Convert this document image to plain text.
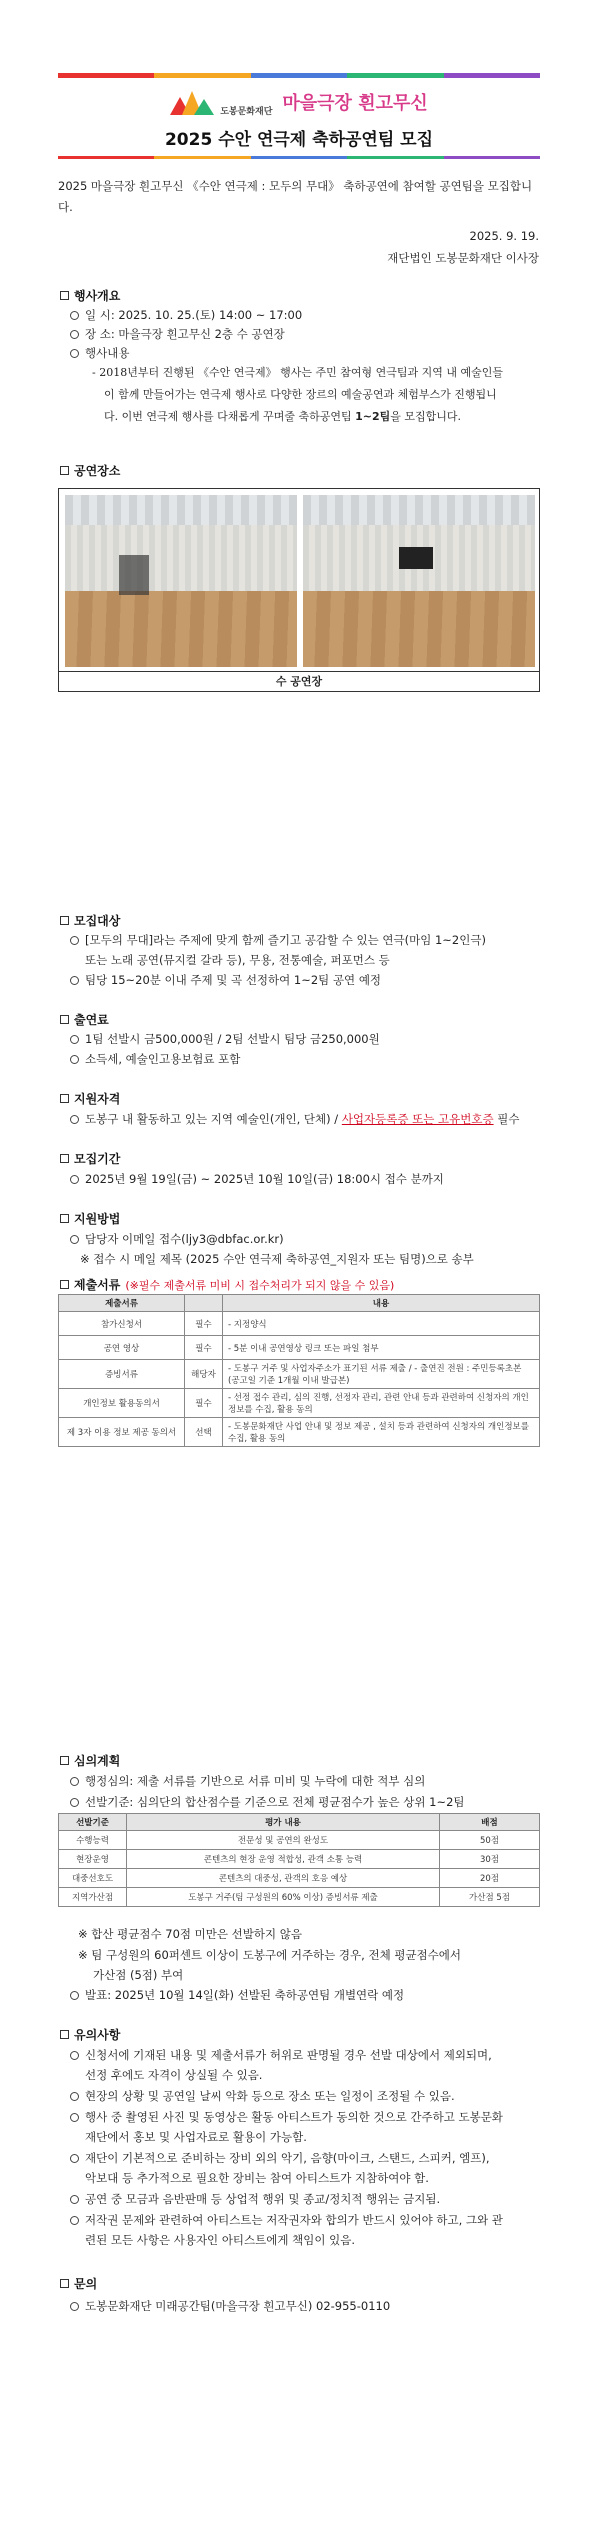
도봉문화재단 마을극장 흰고무신
2025 수안 연극제 축하공연팀 모집
2025 마을극장 흰고무신 《수안 연극제 : 모두의 무대》 축하공연에 참여할 공연팀을 모집합니다.
2025. 9. 19.
재단법인 도봉문화재단 이사장
행사개요
일 시: 2025. 10. 25.(토) 14:00 ~ 17:00
장 소: 마을극장 흰고무신 2층 수 공연장
행사내용
- 2018년부터 진행된 《수안 연극제》 행사는 주민 참여형 연극팀과 지역 내 예술인들
이 함께 만들어가는 연극제 행사로 다양한 장르의 예술공연과 체험부스가 진행됩니
다. 이번 연극제 행사를 다채롭게 꾸며줄 축하공연팀 1~2팀을 모집합니다.
공연장소
수 공연장
모집대상
[모두의 무대]라는 주제에 맞게 함께 즐기고 공감할 수 있는 연극(마임 1~2인극)
또는 노래 공연(뮤지컬 갈라 등), 무용, 전통예술, 퍼포먼스 등
팀당 15~20분 이내 주제 및 곡 선정하여 1~2팀 공연 예정
출연료
1팀 선발시 금500,000원 / 2팀 선발시 팀당 금250,000원
소득세, 예술인고용보험료 포함
지원자격
도봉구 내 활동하고 있는 지역 예술인(개인, 단체) / 사업자등록증 또는 고유번호증 필수
모집기간
2025년 9월 19일(금) ~ 2025년 10월 10일(금) 18:00시 접수 분까지
지원방법
담당자 이메일 접수(ljy3@dbfac.or.kr)
※ 접수 시 메일 제목 (2025 수안 연극제 축하공연_지원자 또는 팀명)으로 송부
제출서류 (※필수 제출서류 미비 시 접수처리가 되지 않을 수 있음)
제출서류		내용
참가신청서	필수	- 지정양식
공연 영상	필수	- 5분 이내 공연영상 링크 또는 파일 첨부
증빙서류	해당자	- 도봉구 거주 및 사업자주소가 표기된 서류 제출 / - 출연진 전원 : 주민등록초본 (공고일 기준 1개월 이내 발급본)
개인정보 활용동의서	필수	- 선정 접수 관리, 심의 진행, 선정자 관리, 관련 안내 등과 관련하여 신청자의 개인정보를 수집, 활용 동의
제 3자 이용 정보 제공 동의서	선택	- 도봉문화재단 사업 안내 및 정보 제공 , 설치 등과 관련하여 신청자의 개인정보를 수집, 활용 동의
심의계획
행정심의: 제출 서류를 기반으로 서류 미비 및 누락에 대한 적부 심의
선발기준: 심의단의 합산점수를 기준으로 전체 평균점수가 높은 상위 1~2팀
선발기준	평가 내용	배점
수행능력	전문성 및 공연의 완성도	50점
현장운영	콘텐츠의 현장 운영 적합성, 관객 소통 능력	30점
대중선호도	콘텐츠의 대중성, 관객의 호응 예상	20점
지역가산점	도봉구 거주(팀 구성원의 60% 이상) 증빙서류 제출	가산점 5점
※ 합산 평균점수 70점 미만은 선발하지 않음
※ 팀 구성원의 60퍼센트 이상이 도봉구에 거주하는 경우, 전체 평균점수에서
가산점 (5점) 부여
발표: 2025년 10월 14일(화) 선발된 축하공연팀 개별연락 예정
유의사항
신청서에 기재된 내용 및 제출서류가 허위로 판명될 경우 선발 대상에서 제외되며,
선정 후에도 자격이 상실될 수 있음.
현장의 상황 및 공연일 날씨 악화 등으로 장소 또는 일정이 조정될 수 있음.
행사 중 촬영된 사진 및 동영상은 활동 아티스트가 동의한 것으로 간주하고 도봉문화
재단에서 홍보 및 사업자료로 활용이 가능함.
재단이 기본적으로 준비하는 장비 외의 악기, 음향(마이크, 스탠드, 스피커, 엠프),
악보대 등 추가적으로 필요한 장비는 참여 아티스트가 지참하여야 함.
공연 중 모금과 음반판매 등 상업적 행위 및 종교/정치적 행위는 금지됨.
저작권 문제와 관련하여 아티스트는 저작권자와 합의가 반드시 있어야 하고, 그와 관
련된 모든 사항은 사용자인 아티스트에게 책임이 있음.
문의
도봉문화재단 미래공간팀(마을극장 흰고무신) 02-955-0110
